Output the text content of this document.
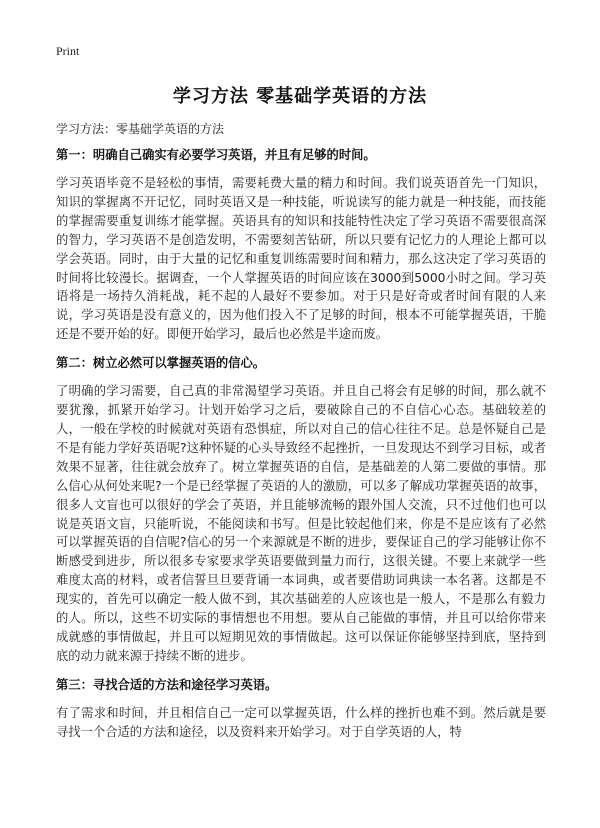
Print
学习方法 零基础学英语的方法
学习方法：零基础学英语的方法
第一：明确自己确实有必要学习英语，并且有足够的时间。

学习英语毕竟不是轻松的事情，需要耗费大量的精力和时间。我们说英语首先一门知识，知识的掌握离不开记忆，同时英语又是一种技能，听说读写的能力就是一种技能，而技能的掌握需要重复训练才能掌握。英语具有的知识和技能特性决定了学习英语不需要很高深的智力，学习英语不是创造发明，不需要刻苦钻研，所以只要有记忆力的人理论上都可以学会英语。同时，由于大量的记忆和重复训练需要时间和精力，那么这决定了学习英语的时间将比较漫长。据调查，一个人掌握英语的时间应该在3000到5000小时之间。学习英语将是一场持久消耗战，耗不起的人最好不要参加。对于只是好奇或者时间有限的人来说，学习英语是没有意义的，因为他们投入不了足够的时间，根本不可能掌握英语，干脆还是不要开始的好。即便开始学习，最后也必然是半途而废。

第二：树立必然可以掌握英语的信心。

了明确的学习需要，自己真的非常渴望学习英语。并且自己将会有足够的时间，那么就不要犹豫，抓紧开始学习。计划开始学习之后，要破除自己的不自信心心态。基础较差的人，一般在学校的时候就对英语有恐惧症，所以对自己的信心往往不足。总是怀疑自己是不是有能力学好英语呢?这种怀疑的心头导致经不起挫折，一旦发现达不到学习目标，或者效果不显著，往往就会放弃了。树立掌握英语的自信，是基础差的人第二要做的事情。那么信心从何处来呢?一个是已经掌握了英语的人的激励，可以多了解成功掌握英语的故事，很多人文盲也可以很好的学会了英语，并且能够流畅的跟外国人交流，只不过他们也可以说是英语文盲，只能听说，不能阅读和书写。但是比较起他们来，你是不是应该有了必然可以掌握英语的自信呢?信心的另一个来源就是不断的进步，要保证自己的学习能够让你不断感受到进步，所以很多专家要求学英语要做到量力而行，这很关键。不要上来就学一些难度太高的材料，或者信誓旦旦要背诵一本词典，或者要借助词典读一本名著。这都是不现实的，首先可以确定一般人做不到，其次基础差的人应该也是一般人，不是那么有毅力的人。所以，这些不切实际的事情想也不用想。要从自己能做的事情，并且可以给你带来成就感的事情做起，并且可以短期见效的事情做起。这可以保证你能够坚持到底，坚持到底的动力就来源于持续不断的进步。

第三：寻找合适的方法和途径学习英语。

有了需求和时间，并且相信自己一定可以掌握英语，什么样的挫折也难不到。然后就是要寻找一个合适的方法和途径，以及资料来开始学习。对于自学英语的人，特
